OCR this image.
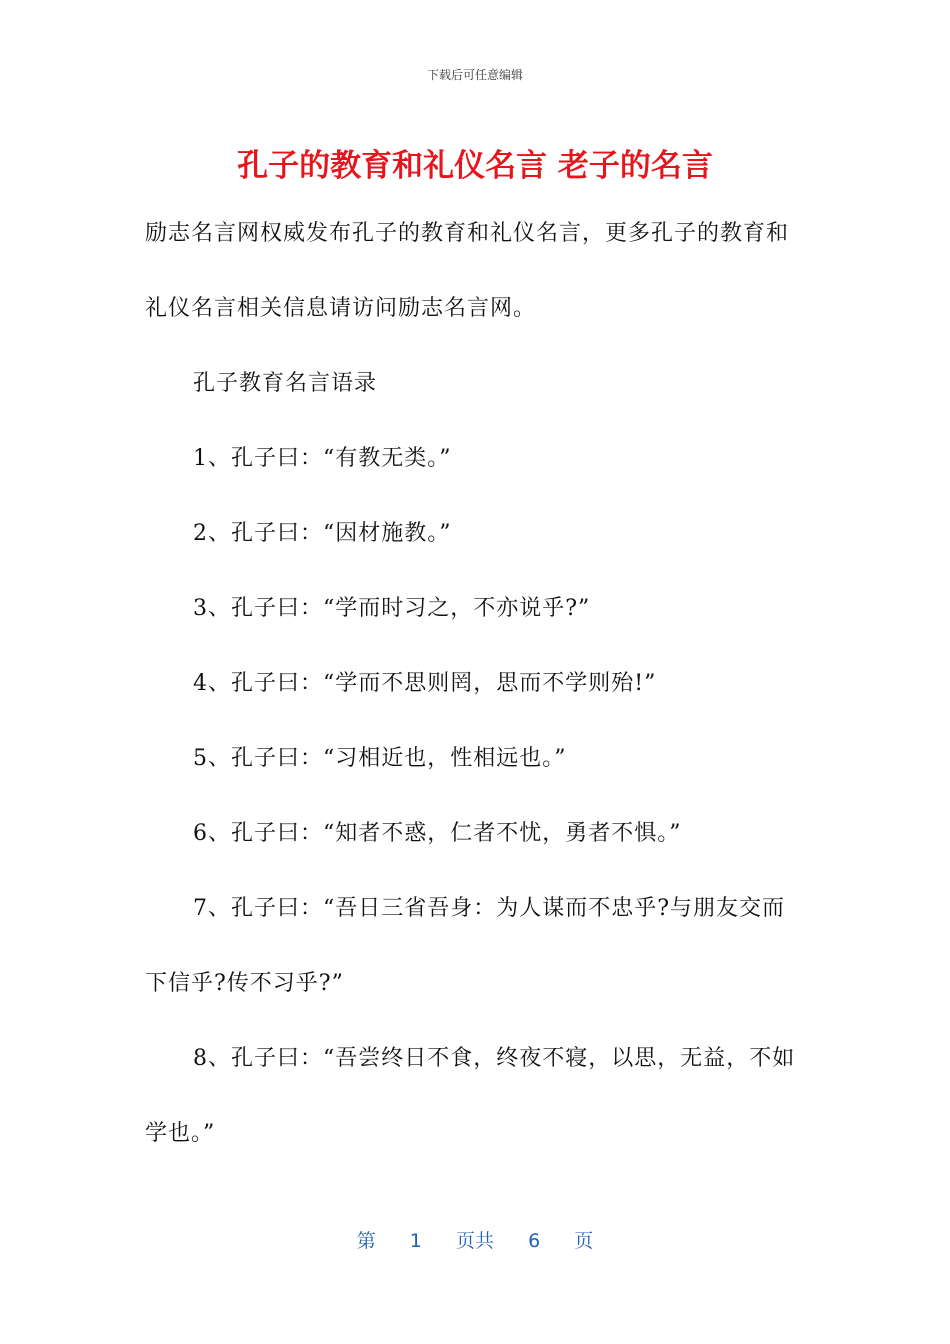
下载后可任意编辑
孔子的教育和礼仪名言 老子的名言

励志名言网权威发布孔子的教育和礼仪名言，更多孔子的教育和礼仪名言相关信息请访问励志名言网。

孔子教育名言语录

1、孔子曰：“有教无类。”

2、孔子曰：“因材施教。”

3、孔子曰：“学而时习之，不亦说乎?”

4、孔子曰：“学而不思则罔，思而不学则殆!”

5、孔子曰：“习相近也，性相远也。”

6、孔子曰：“知者不惑，仁者不忧，勇者不惧。”

7、孔子曰：“吾日三省吾身：为人谋而不忠乎?与朋友交而下信乎?传不习乎?”

8、孔子曰：“吾尝终日不食，终夜不寝，以思，无益，不如学也。”

第 1 页共 6 页
